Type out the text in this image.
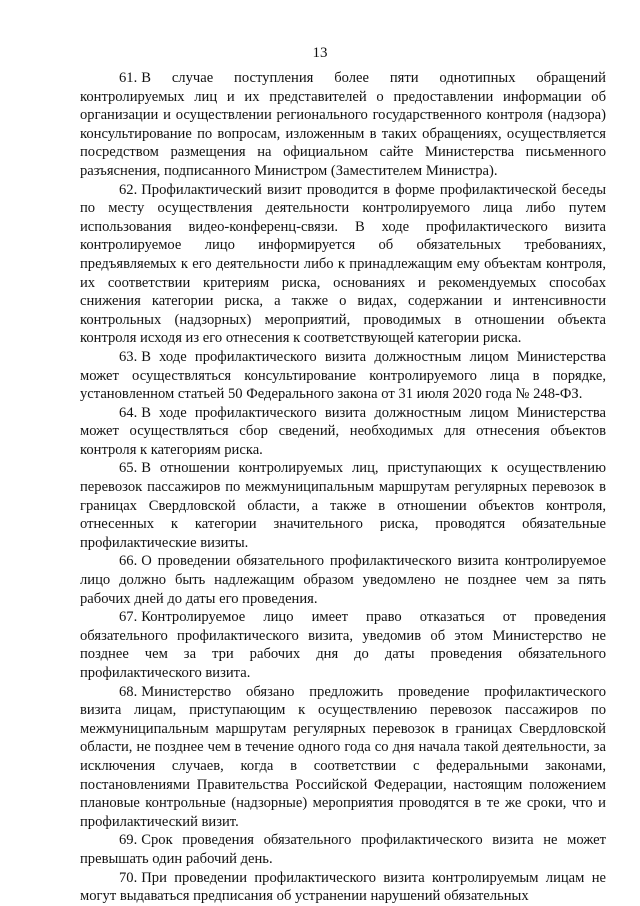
13

61. В случае поступления более пяти однотипных обращений контролируемых лиц и их представителей о предоставлении информации об организации и осуществлении регионального государственного контроля (надзора) консультирование по вопросам, изложенным в таких обращениях, осуществляется посредством размещения на официальном сайте Министерства письменного разъяснения, подписанного Министром (Заместителем Министра).

62. Профилактический визит проводится в форме профилактической беседы по месту осуществления деятельности контролируемого лица либо путем использования видео-конференц-связи. В ходе профилактического визита контролируемое лицо информируется об обязательных требованиях, предъявляемых к его деятельности либо к принадлежащим ему объектам контроля, их соответствии критериям риска, основаниях и рекомендуемых способах снижения категории риска, а также о видах, содержании и интенсивности контрольных (надзорных) мероприятий, проводимых в отношении объекта контроля исходя из его отнесения к соответствующей категории риска.

63. В ходе профилактического визита должностным лицом Министерства может осуществляться консультирование контролируемого лица в порядке, установленном статьей 50 Федерального закона от 31 июля 2020 года № 248-ФЗ.

64. В ходе профилактического визита должностным лицом Министерства может осуществляться сбор сведений, необходимых для отнесения объектов контроля к категориям риска.

65. В отношении контролируемых лиц, приступающих к осуществлению перевозок пассажиров по межмуниципальным маршрутам регулярных перевозок в границах Свердловской области, а также в отношении объектов контроля, отнесенных к категории значительного риска, проводятся обязательные профилактические визиты.

66. О проведении обязательного профилактического визита контролируемое лицо должно быть надлежащим образом уведомлено не позднее чем за пять рабочих дней до даты его проведения.

67. Контролируемое лицо имеет право отказаться от проведения обязательного профилактического визита, уведомив об этом Министерство не позднее чем за три рабочих дня до даты проведения обязательного профилактического визита.

68. Министерство обязано предложить проведение профилактического визита лицам, приступающим к осуществлению перевозок пассажиров по межмуниципальным маршрутам регулярных перевозок в границах Свердловской области, не позднее чем в течение одного года со дня начала такой деятельности, за исключения случаев, когда в соответствии с федеральными законами, постановлениями Правительства Российской Федерации, настоящим положением плановые контрольные (надзорные) мероприятия проводятся в те же сроки, что и профилактический визит.

69. Срок проведения обязательного профилактического визита не может превышать один рабочий день.

70. При проведении профилактического визита контролируемым лицам не могут выдаваться предписания об устранении нарушений обязательных
